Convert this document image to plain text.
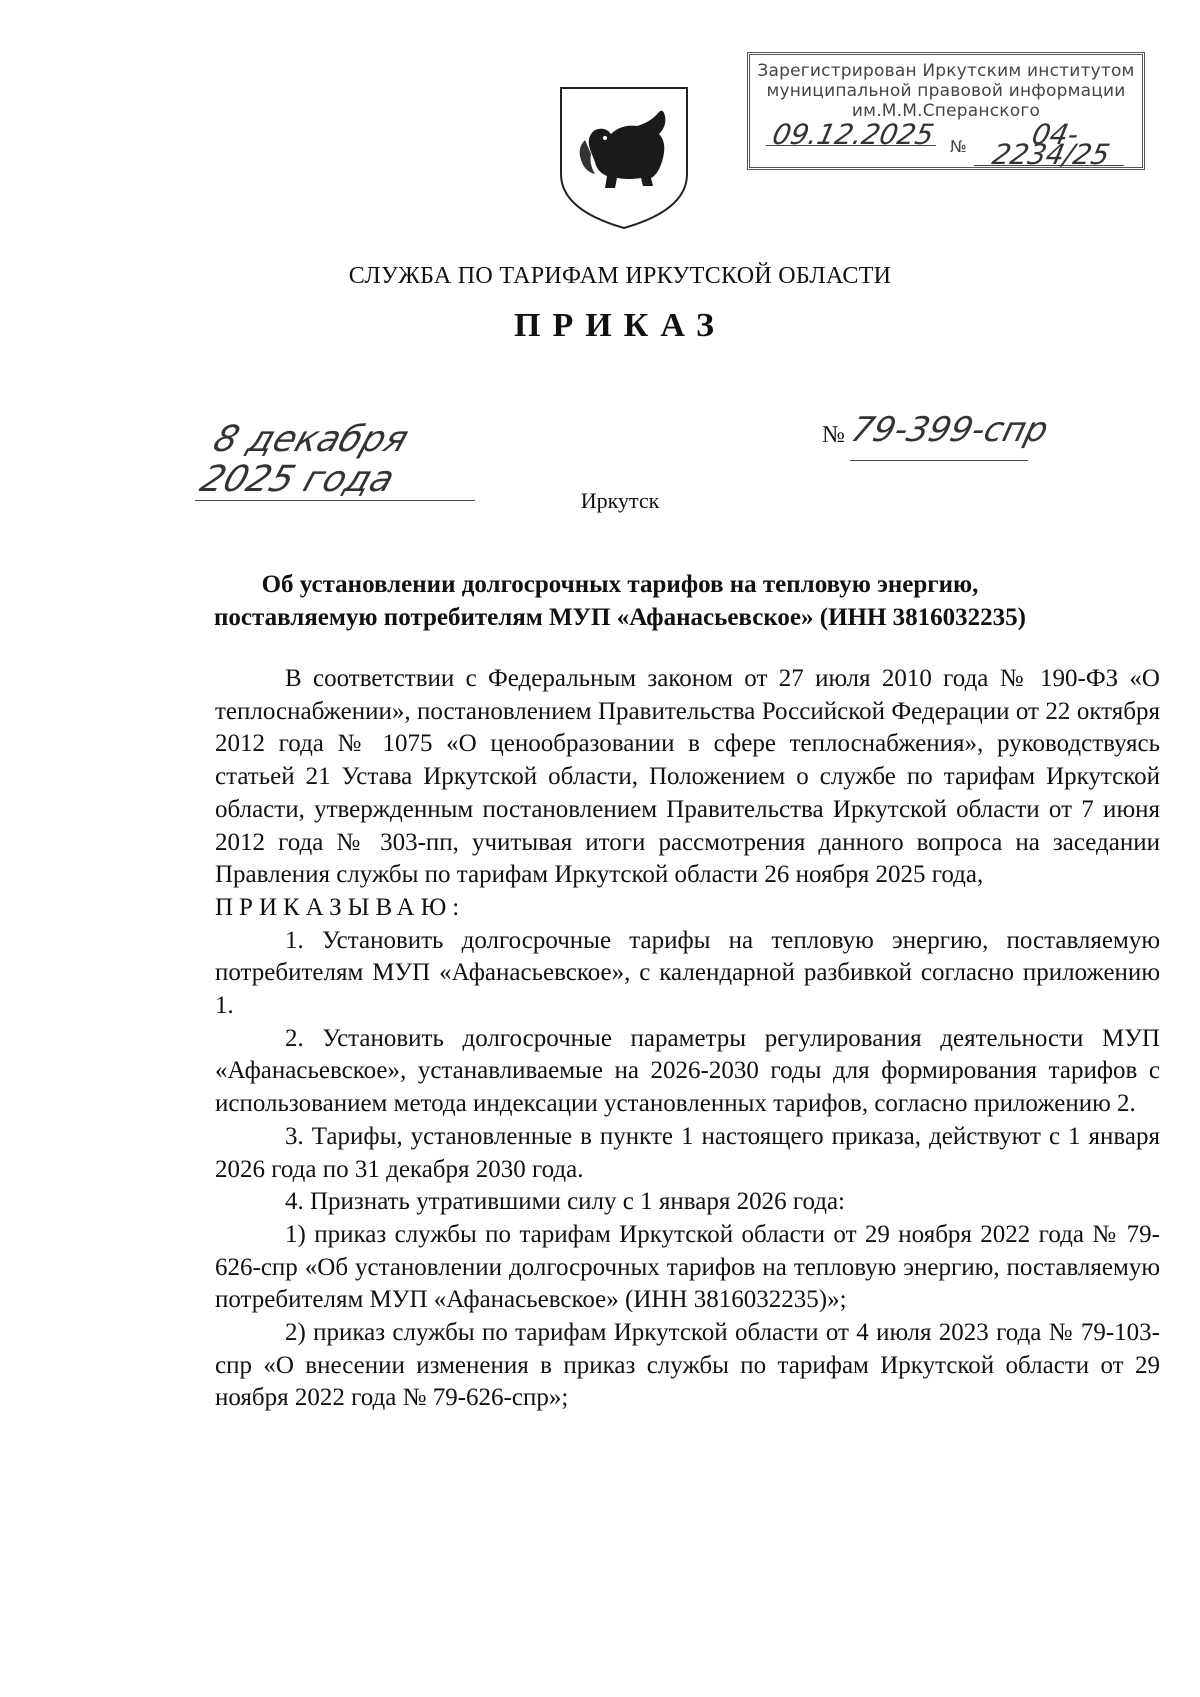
Зарегистрирован Иркутским институтом
муниципальной правовой информации
им.М.М.Сперанского
09.12.2025 №	04-2234/25
СЛУЖБА ПО ТАРИФАМ ИРКУТСКОЙ ОБЛАСТИ
ПРИКАЗ
8 декабря 2025 года
№ 79-399-спр
Иркутск
Об установлении долгосрочных тарифов на тепловую энергию,
поставляемую потребителям МУП «Афанасьевское» (ИНН 3816032235)

В соответствии с Федеральным законом от 27 июля 2010 года № 190-ФЗ «О теплоснабжении», постановлением Правительства Российской Федерации от 22 октября 2012 года № 1075 «О ценообразовании в сфере теплоснабжения», руководствуясь статьей 21 Устава Иркутской области, Положением о службе по тарифам Иркутской области, утвержденным постановлением Правительства Иркутской области от 7 июня 2012 года № 303-пп, учитывая итоги рассмотрения данного вопроса на заседании Правления службы по тарифам Иркутской области 26 ноября 2025 года,

ПРИКАЗЫВАЮ:

1. Установить долгосрочные тарифы на тепловую энергию, поставляемую потребителям МУП «Афанасьевское», с календарной разбивкой согласно приложению 1.

2. Установить долгосрочные параметры регулирования деятельности МУП «Афанасьевское», устанавливаемые на 2026-2030 годы для формирования тарифов с использованием метода индексации установленных тарифов, согласно приложению 2.

3. Тарифы, установленные в пункте 1 настоящего приказа, действуют с 1 января 2026 года по 31 декабря 2030 года.

4. Признать утратившими силу с 1 января 2026 года:

1) приказ службы по тарифам Иркутской области от 29 ноября 2022 года № 79-626-спр «Об установлении долгосрочных тарифов на тепловую энергию, поставляемую потребителям МУП «Афанасьевское» (ИНН 3816032235)»;

2) приказ службы по тарифам Иркутской области от 4 июля 2023 года № 79-103-спр «О внесении изменения в приказ службы по тарифам Иркутской области от 29 ноября 2022 года № 79-626-спр»;
